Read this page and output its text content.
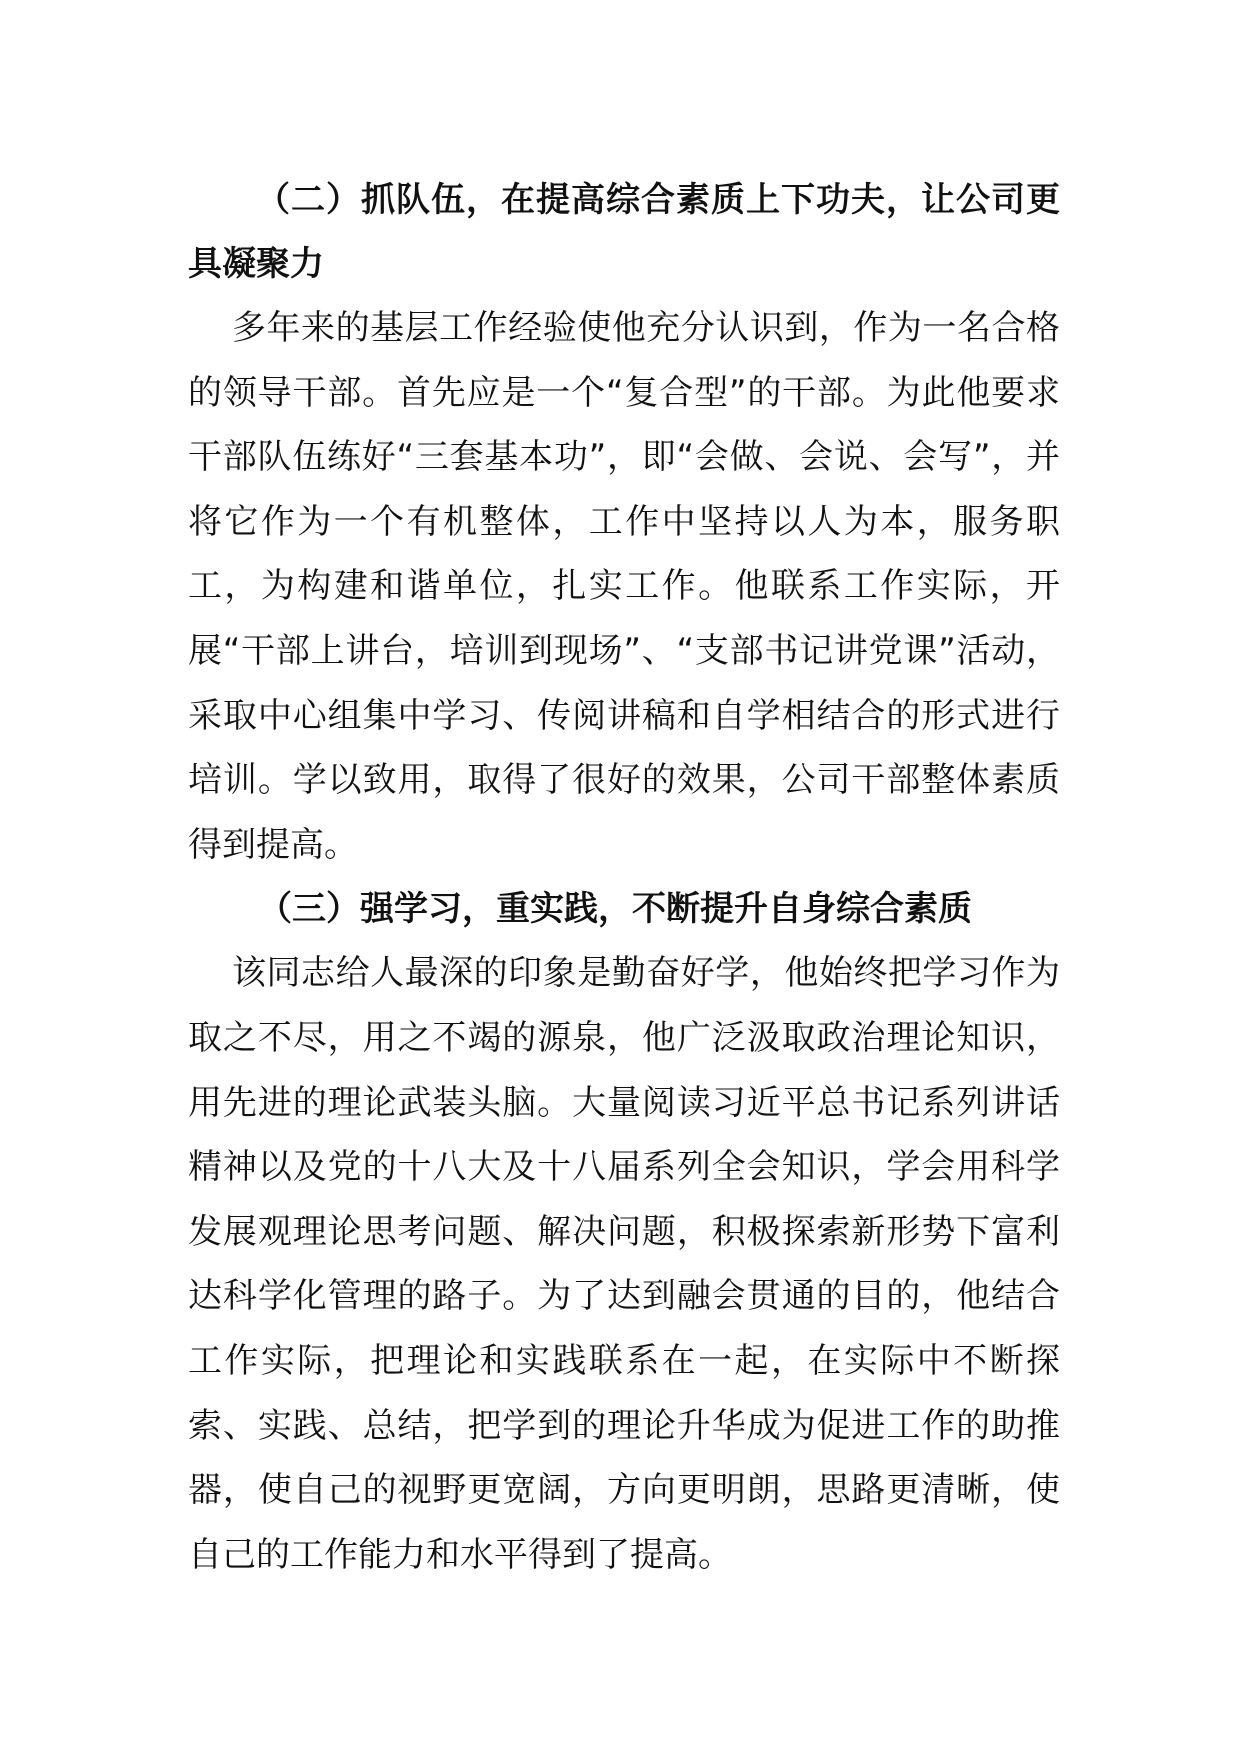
（二）抓队伍，在提高综合素质上下功夫，让公司更具凝聚力

多年来的基层工作经验使他充分认识到，作为一名合格的领导干部。首先应是一个“复合型”的干部。为此他要求干部队伍练好“三套基本功”，即“会做、会说、会写”，并将它作为一个有机整体，工作中坚持以人为本，服务职工，为构建和谐单位，扎实工作。他联系工作实际，开展“干部上讲台，培训到现场”、“支部书记讲党课”活动，采取中心组集中学习、传阅讲稿和自学相结合的形式进行培训。学以致用，取得了很好的效果，公司干部整体素质得到提高。

（三）强学习，重实践，不断提升自身综合素质

该同志给人最深的印象是勤奋好学，他始终把学习作为取之不尽，用之不竭的源泉，他广泛汲取政治理论知识，用先进的理论武装头脑。大量阅读习近平总书记系列讲话精神以及党的十八大及十八届系列全会知识，学会用科学发展观理论思考问题、解决问题，积极探索新形势下富利达科学化管理的路子。为了达到融会贯通的目的，他结合工作实际，把理论和实践联系在一起，在实际中不断探索、实践、总结，把学到的理论升华成为促进工作的助推器，使自己的视野更宽阔，方向更明朗，思路更清晰，使自己的工作能力和水平得到了提高。
